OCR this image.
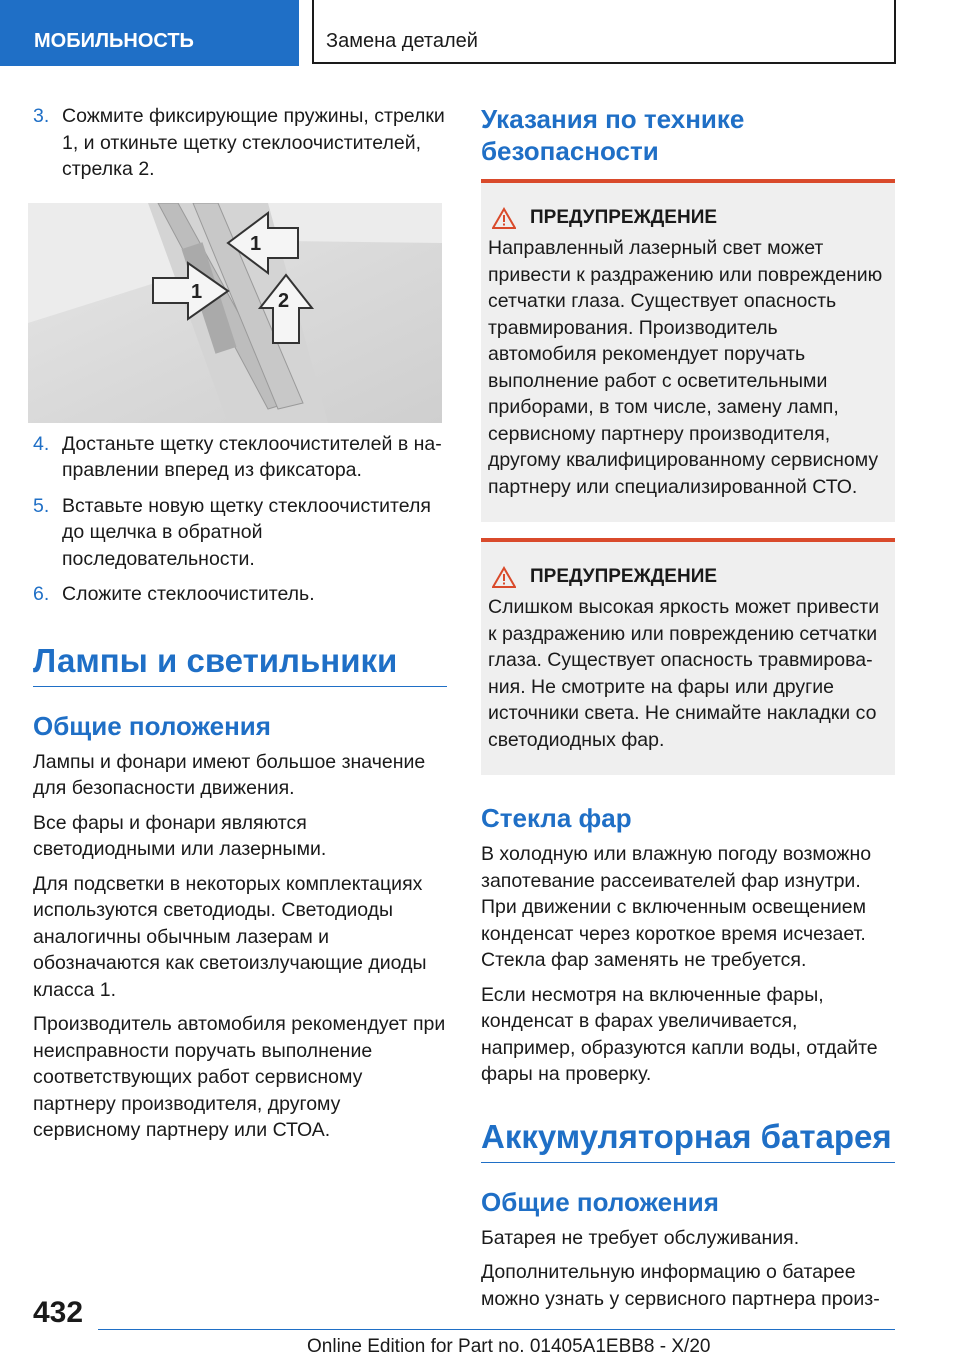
МОБИЛЬНОСТЬ	Замена деталей
3. Сожмите фиксирующие пружины, стрелки 1, и откиньте щетку стеклоочистителей, стрелка 2.

1
1
2
4. Достаньте щетку стеклоочистителей в направлении вперед из фиксатора.

5. Вставьте новую щетку стеклоочистителя до щелчка в обратной последовательности.

6. Сложите стеклоочиститель.

Лампы и светильники
Общие положения

Лампы и фонари имеют большое значение для безопасности движения.

Все фары и фонари являются светодиодными или лазерными.

Для подсветки в некоторых комплектациях используются светодиоды. Светодиоды аналогичны обычным лазерам и обозначаются как светоизлучающие диоды класса 1.

Производитель автомобиля рекомендует при неисправности поручать выполнение соответствующих работ сервисному партнеру производителя, другому сервисному партнеру или СТОА.

Указания по технике безопасности
ПРЕДУПРЕЖДЕНИЕ

Направленный лазерный свет может привести к раздражению или повреждению сетчатки глаза. Существует опасность травмирования. Производитель автомобиля рекомендует поручать выполнение работ с осветительными приборами, в том числе, замену ламп, сервисному партнеру производителя, другому квалифицированному сервисному партнеру или специализированной СТО.

ПРЕДУПРЕЖДЕНИЕ

Слишком высокая яркость может привести к раздражению или повреждению сетчатки глаза. Существует опасность травмирования. Не смотрите на фары или другие источники света. Не снимайте накладки со светодиодных фар.

Стекла фар

В холодную или влажную погоду возможно запотевание рассеивателей фар изнутри. При движении с включенным освещением конденсат через короткое время исчезает. Стекла фар заменять не требуется.

Если несмотря на включенные фары, конденсат в фарах увеличивается, например, образуются капли воды, отдайте фары на проверку.

Аккумуляторная батарея
Общие положения

Батарея не требует обслуживания.

Дополнительную информацию о батарее можно узнать у сервисного партнера произ-

432
Online Edition for Part no. 01405A1EBB8 - X/20
